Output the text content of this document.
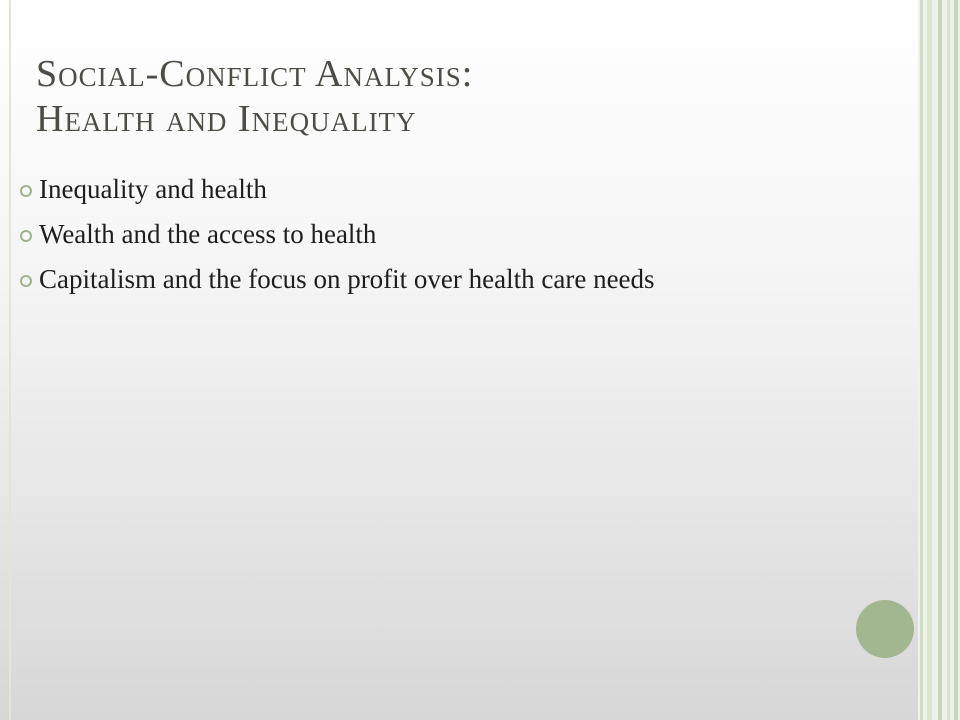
Social-Conflict Analysis:
Health and Inequality
Inequality and health
Wealth and the access to health
Capitalism and the focus on profit over health care needs
